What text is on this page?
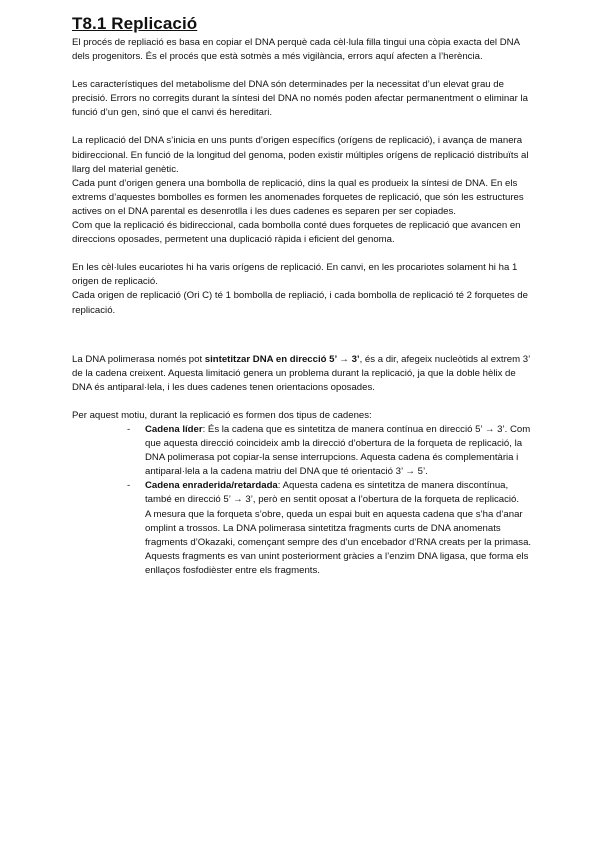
T8.1 Replicació

El procés de repliació es basa en copiar el DNA perquè cada cèl·lula filla tingui una còpia exacta del DNA dels progenitors. És el procés que està sotmès a més vigilància, errors aquí afecten a l’herència.

Les característiques del metabolisme del DNA són determinades per la necessitat d’un elevat grau de precisió. Errors no corregits durant la síntesi del DNA no només poden afectar permanentment o eliminar la funció d’un gen, sinó que el canvi és hereditari.

La replicació del DNA s’inicia en uns punts d’origen específics (orígens de replicació), i avança de manera bidireccional. En funció de la longitud del genoma, poden existir múltiples orígens de replicació distribuïts al llarg del material genètic.

Cada punt d’origen genera una bombolla de replicació, dins la qual es produeix la síntesi de DNA. En els extrems d’aquestes bombolles es formen les anomenades forquetes de replicació, que són les estructures actives on el DNA parental es desenrotlla i les dues cadenes es separen per ser copiades.

Com que la replicació és bidireccional, cada bombolla conté dues forquetes de replicació que avancen en direccions oposades, permetent una duplicació ràpida i eficient del genoma.

En les cèl·lules eucariotes hi ha varis orígens de replicació. En canvi, en les procariotes solament hi ha 1 origen de replicació.

Cada origen de replicació (Ori C) té 1 bombolla de repliació, i cada bombolla de replicació té 2 forquetes de replicació.

La DNA polimerasa només pot sintetitzar DNA en direcció 5’ → 3’, és a dir, afegeix nucleòtids al extrem 3’ de la cadena creixent. Aquesta limitació genera un problema durant la replicació, ja que la doble hèlix de DNA és antiparal·lela, i les dues cadenes tenen orientacions oposades.

Per aquest motiu, durant la replicació es formen dos tipus de cadenes:

- Cadena líder: És la cadena que es sintetitza de manera contínua en direcció 5’ → 3’. Com que aquesta direcció coincideix amb la direcció d’obertura de la forqueta de replicació, la DNA polimerasa pot copiar-la sense interrupcions. Aquesta cadena és complementària i antiparal·lela a la cadena matriu del DNA que té orientació 3’ → 5’.
- Cadena enraderida/retardada: Aquesta cadena es sintetitza de manera discontínua, també en direcció 5’ → 3’, però en sentit oposat a l’obertura de la forqueta de replicació.
A mesura que la forqueta s’obre, queda un espai buit en aquesta cadena que s’ha d’anar omplint a trossos. La DNA polimerasa sintetitza fragments curts de DNA anomenats fragments d’Okazaki, començant sempre des d’un encebador d’RNA creats per la primasa.
Aquests fragments es van unint posteriorment gràcies a l’enzim DNA ligasa, que forma els enllaços fosfodièster entre els fragments.
